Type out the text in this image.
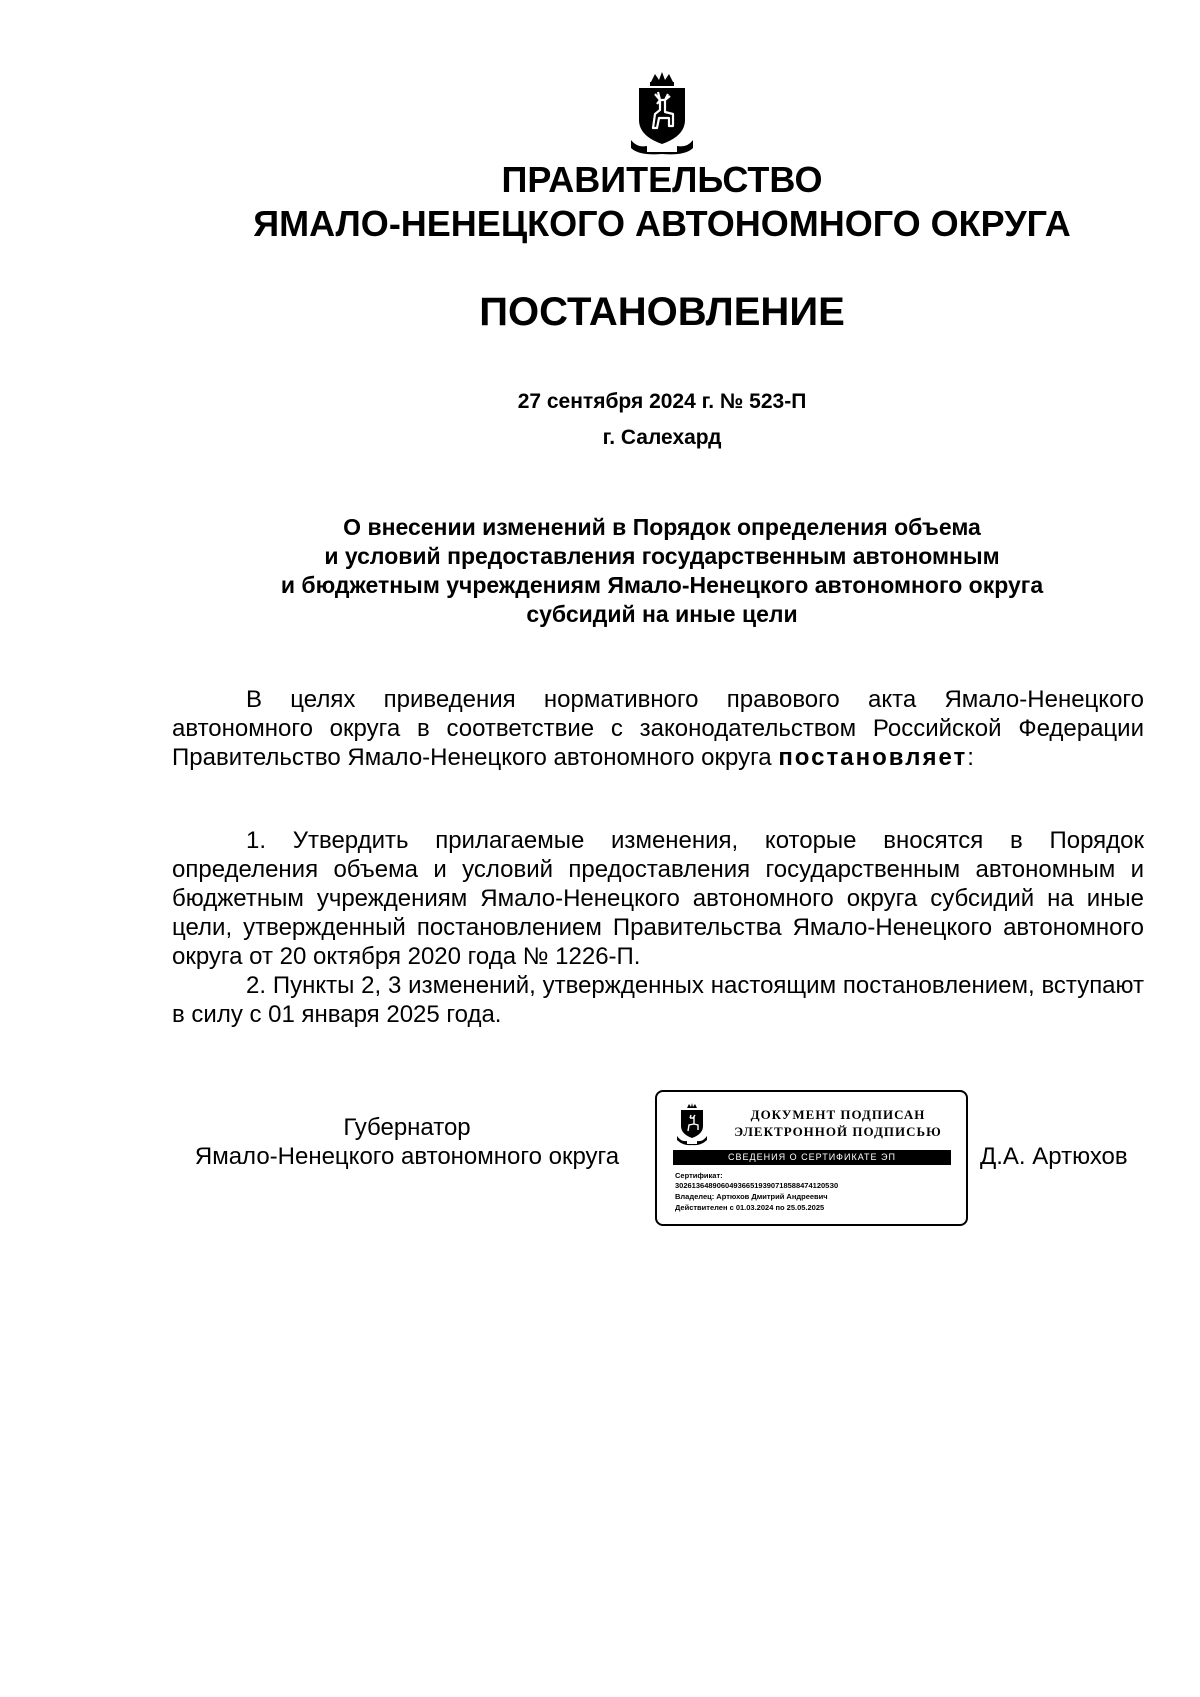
ПРАВИТЕЛЬСТВО
ЯМАЛО-НЕНЕЦКОГО АВТОНОМНОГО ОКРУГА
ПОСТАНОВЛЕНИЕ
27 сентября 2024 г. № 523-П
г. Салехард
О внесении изменений в Порядок определения объема
и условий предоставления государственным автономным
и бюджетным учреждениям Ямало-Ненецкого автономного округа
субсидий на иные цели

В целях приведения нормативного правового акта Ямало-Ненецкого автономного округа в соответствие с законодательством Российской Федерации Правительство Ямало-Ненецкого автономного округа постановляет:

1. Утвердить прилагаемые изменения, которые вносятся в Порядок определения объема и условий предоставления государственным автономным и бюджетным учреждениям Ямало-Ненецкого автономного округа субсидий на иные цели, утвержденный постановлением Правительства Ямало-Ненецкого автономного округа от 20 октября 2020 года № 1226-П.

2. Пункты 2, 3 изменений, утвержденных настоящим постановлением, вступают в силу с 01 января 2025 года.

Губернатор
Ямало-Ненецкого автономного округа
ДОКУМЕНТ ПОДПИСАН
ЭЛЕКТРОННОЙ ПОДПИСЬЮ
СВЕДЕНИЯ О СЕРТИФИКАТЕ ЭП
Сертификат:
3026136489060493665193907185884741205З0
Владелец: Артюхов Дмитрий Андреевич
Действителен с 01.03.2024 по 25.05.2025
Д.А. Артюхов
